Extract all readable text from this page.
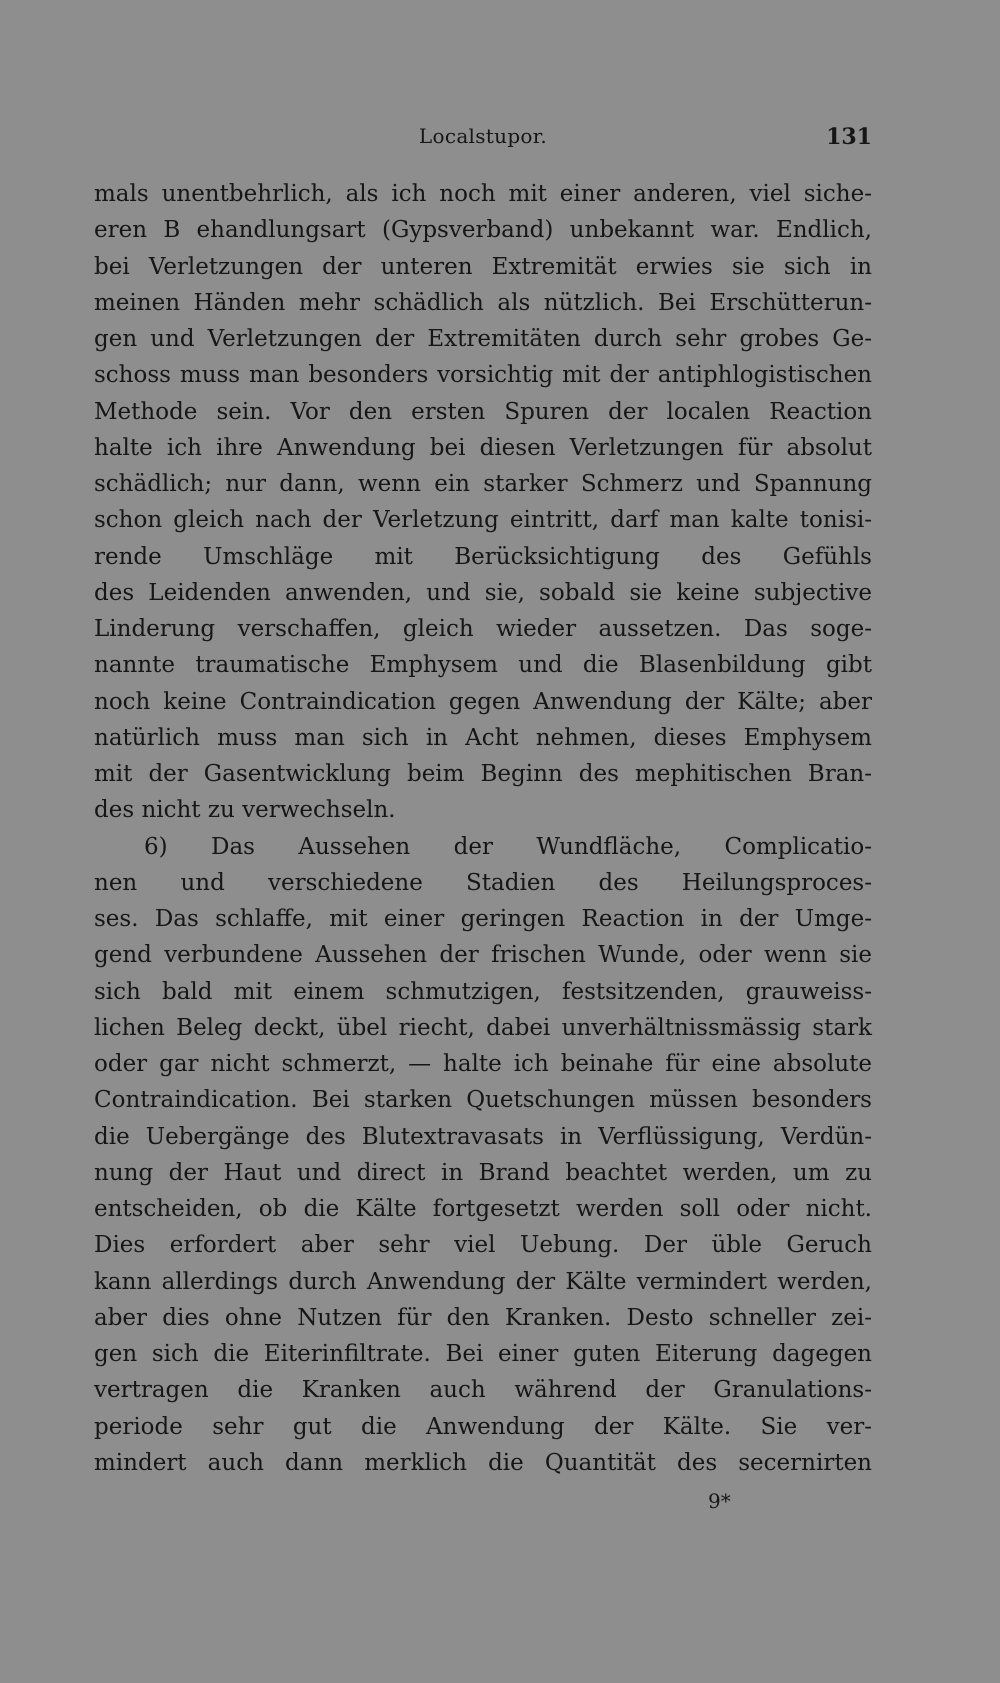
Localstupor.	131
mals unentbehrlich, als ich noch mit einer anderen, viel siche-
eren B ehandlungsart (Gypsverband) unbekannt war. Endlich,
bei Verletzungen der unteren Extremität erwies sie sich in
meinen Händen mehr schädlich als nützlich. Bei Erschütterun-
gen und Verletzungen der Extremitäten durch sehr grobes Ge-
schoss muss man besonders vorsichtig mit der antiphlogistischen
Methode sein. Vor den ersten Spuren der localen Reaction
halte ich ihre Anwendung bei diesen Verletzungen für absolut
schädlich; nur dann, wenn ein starker Schmerz und Spannung
schon gleich nach der Verletzung eintritt, darf man kalte tonisi-
rende Umschläge mit Berücksichtigung des Gefühls
des Leidenden anwenden, und sie, sobald sie keine subjective
Linderung verschaffen, gleich wieder aussetzen. Das soge-
nannte traumatische Emphysem und die Blasenbildung gibt
noch keine Contraindication gegen Anwendung der Kälte; aber
natürlich muss man sich in Acht nehmen, dieses Emphysem
mit der Gasentwicklung beim Beginn des mephitischen Bran-
des nicht zu verwechseln.
6) Das Aussehen der Wundfläche, Complicatio-
nen und verschiedene Stadien des Heilungsproces-
ses. Das schlaffe, mit einer geringen Reaction in der Umge-
gend verbundene Aussehen der frischen Wunde, oder wenn sie
sich bald mit einem schmutzigen, festsitzenden, grauweiss-
lichen Beleg deckt, übel riecht, dabei unverhältnissmässig stark
oder gar nicht schmerzt, — halte ich beinahe für eine absolute
Contraindication. Bei starken Quetschungen müssen besonders
die Uebergänge des Blutextravasats in Verflüssigung, Verdün-
nung der Haut und direct in Brand beachtet werden, um zu
entscheiden, ob die Kälte fortgesetzt werden soll oder nicht.
Dies erfordert aber sehr viel Uebung. Der üble Geruch
kann allerdings durch Anwendung der Kälte vermindert werden,
aber dies ohne Nutzen für den Kranken. Desto schneller zei-
gen sich die Eiterinfiltrate. Bei einer guten Eiterung dagegen
vertragen die Kranken auch während der Granulations-
periode sehr gut die Anwendung der Kälte. Sie ver-
mindert auch dann merklich die Quantität des secernirten
9*
